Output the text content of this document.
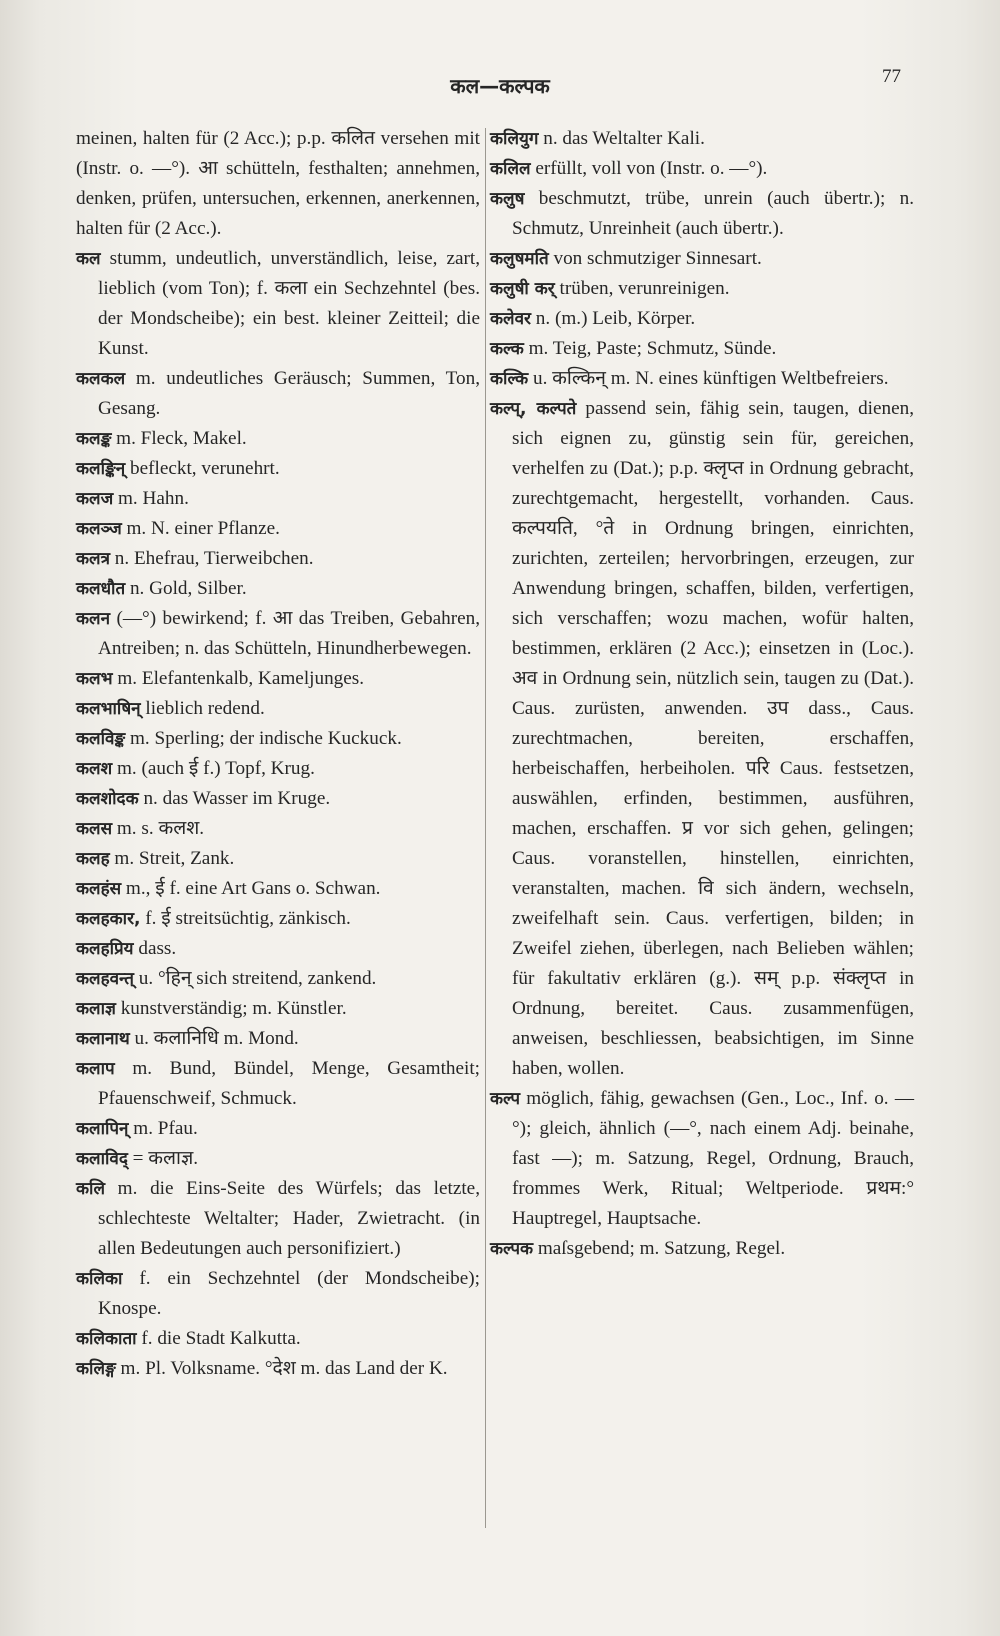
कल—कल्पक	77

meinen, halten für (2 Acc.); p.p. कलित versehen mit (Instr. o. —°). आ schütteln, festhalten; annehmen, denken, prüfen, untersuchen, erkennen, anerkennen, halten für (2 Acc.).

कल stumm, undeutlich, unverständlich, leise, zart, lieblich (vom Ton); f. कला ein Sechzehntel (bes. der Mondscheibe); ein best. kleiner Zeitteil; die Kunst.

कलकल m. undeutliches Geräusch; Summen, Ton, Gesang.

कलङ्क m. Fleck, Makel.

कलङ्किन् befleckt, verunehrt.

कलज m. Hahn.

कलञ्ज m. N. einer Pflanze.

कलत्र n. Ehefrau, Tierweibchen.

कलधौत n. Gold, Silber.

कलन (—°) bewirkend; f. आ das Treiben, Gebahren, Antreiben; n. das Schütteln, Hinundherbewegen.

कलभ m. Elefantenkalb, Kameljunges.

कलभाषिन् lieblich redend.

कलविङ्क m. Sperling; der indische Kuckuck.

कलश m. (auch ई f.) Topf, Krug.

कलशोदक n. das Wasser im Kruge.

कलस m. s. कलश.

कलह m. Streit, Zank.

कलहंस m., ई f. eine Art Gans o. Schwan.

कलहकार, f. ई streitsüchtig, zänkisch.

कलहप्रिय dass.

कलहवन्त् u. °हिन् sich streitend, zankend.

कलाज्ञ kunstverständig; m. Künstler.

कलानाथ u. कलानिधि m. Mond.

कलाप m. Bund, Bündel, Menge, Gesamtheit; Pfauenschweif, Schmuck.

कलापिन् m. Pfau.

कलाविद् = कलाज्ञ.

कलि m. die Eins-Seite des Würfels; das letzte, schlechteste Weltalter; Hader, Zwietracht. (in allen Bedeutungen auch personifiziert.)

कलिका f. ein Sechzehntel (der Mondscheibe); Knospe.

कलिकाता f. die Stadt Kalkutta.

कलिङ्ग m. Pl. Volksname. °देश m. das Land der K.

कलियुग n. das Weltalter Kali.

कलिल erfüllt, voll von (Instr. o. —°).

कलुष beschmutzt, trübe, unrein (auch übertr.); n. Schmutz, Unreinheit (auch übertr.).

कलुषमति von schmutziger Sinnesart.

कलुषी कर् trüben, verunreinigen.

कलेवर n. (m.) Leib, Körper.

कल्क m. Teig, Paste; Schmutz, Sünde.

कल्कि u. कल्किन् m. N. eines künftigen Weltbefreiers.

कल्प्, कल्पते passend sein, fähig sein, taugen, dienen, sich eignen zu, günstig sein für, gereichen, verhelfen zu (Dat.); p.p. क्लृप्त in Ordnung gebracht, zurechtgemacht, hergestellt, vorhanden. Caus. कल्पयति, °ते in Ordnung bringen, einrichten, zurichten, zerteilen; hervorbringen, erzeugen, zur Anwendung bringen, schaffen, bilden, verfertigen, sich verschaffen; wozu machen, wofür halten, bestimmen, erklären (2 Acc.); einsetzen in (Loc.). अव in Ordnung sein, nützlich sein, taugen zu (Dat.). Caus. zurüsten, anwenden. उप dass., Caus. zurechtmachen, bereiten, erschaffen, herbeischaffen, herbeiholen. परि Caus. festsetzen, auswählen, erfinden, bestimmen, ausführen, machen, erschaffen. प्र vor sich gehen, gelingen; Caus. voranstellen, hinstellen, einrichten, veranstalten, machen. वि sich ändern, wechseln, zweifelhaft sein. Caus. verfertigen, bilden; in Zweifel ziehen, überlegen, nach Belieben wählen; für fakultativ erklären (g.). सम् p.p. संक्लृप्त in Ordnung, bereitet. Caus. zusammenfügen, anweisen, beschliessen, beabsichtigen, im Sinne haben, wollen.

कल्प möglich, fähig, gewachsen (Gen., Loc., Inf. o. —°); gleich, ähnlich (—°, nach einem Adj. beinahe, fast —); m. Satzung, Regel, Ordnung, Brauch, frommes Werk, Ritual; Weltperiode. प्रथम:° Hauptregel, Hauptsache.

कल्पक maſsgebend; m. Satzung, Regel.
